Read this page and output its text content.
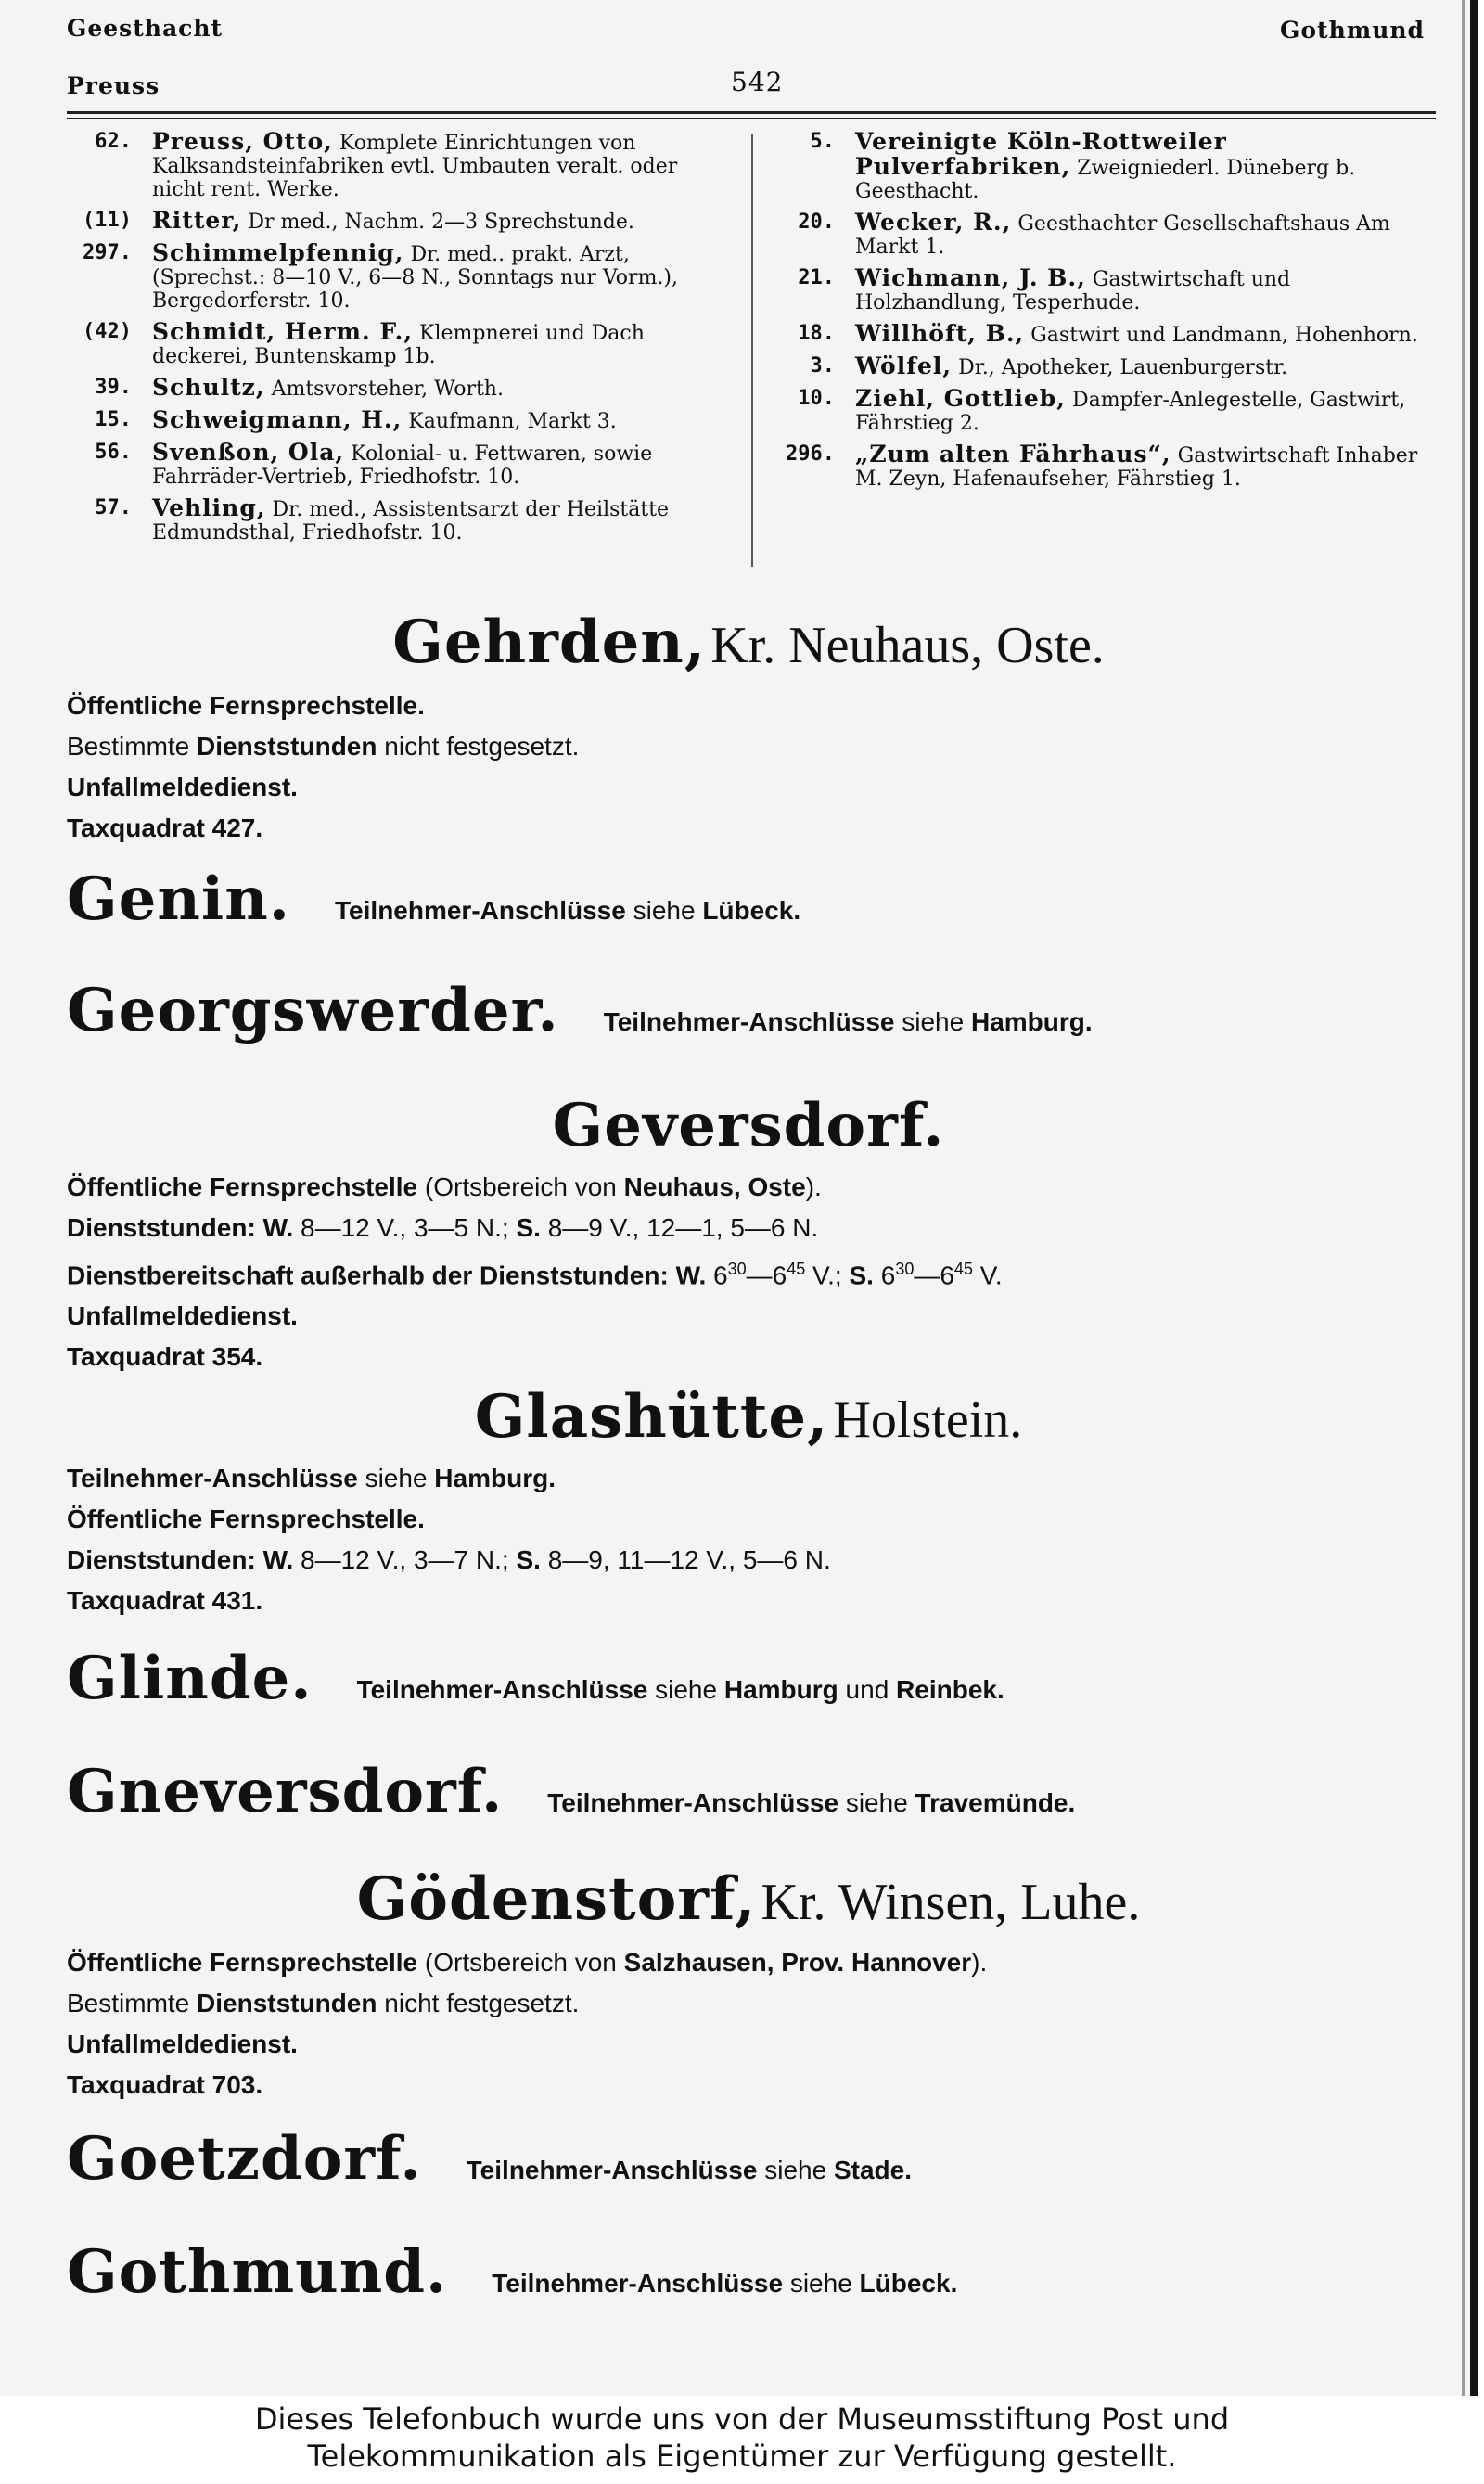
Geesthacht
Preuss	542
Gothmund
62. Preuss, Otto, Komplete Einrichtungen von Kalksandsteinfabriken evtl. Umbauten veralt. oder nicht rent. Werke.
(11) Ritter, Dr med., Nachm. 2—3 Sprechstunde.
297. Schimmelpfennig, Dr. med.. prakt. Arzt, (Sprechst.: 8—10 V., 6—8 N., Sonntags nur Vorm.), Bergedorferstr. 10.
(42) Schmidt, Herm. F., Klempnerei und Dach deckerei, Buntenskamp 1b.
39. Schultz, Amtsvorsteher, Worth.
15. Schweigmann, H., Kaufmann, Markt 3.
56. Svenßon, Ola, Kolonial- u. Fettwaren, sowie Fahrräder-Vertrieb, Friedhofstr. 10.
57. Vehling, Dr. med., Assistentsarzt der Heilstätte Edmundsthal, Friedhofstr. 10.
5. Vereinigte Köln-Rottweiler Pulverfabriken, Zweigniederl. Düneberg b. Geesthacht.
20. Wecker, R., Geesthachter Gesellschaftshaus Am Markt 1.
21. Wichmann, J. B., Gastwirtschaft und Holzhandlung, Tesperhude.
18. Willhöft, B., Gastwirt und Landmann, Hohenhorn.
3. Wölfel, Dr., Apotheker, Lauenburgerstr.
10. Ziehl, Gottlieb, Dampfer-Anlegestelle, Gastwirt, Fährstieg 2.
296. „Zum alten Fährhaus“, Gastwirtschaft Inhaber M. Zeyn, Hafenaufseher, Fährstieg 1.
Gehrden, Kr. Neuhaus, Oste.
Öffentliche Fernsprechstelle.
Bestimmte Dienststunden nicht festgesetzt.
Unfallmeldedienst.
Taxquadrat 427.
Genin. Teilnehmer-Anschlüsse siehe Lübeck.
Georgswerder. Teilnehmer-Anschlüsse siehe Hamburg.
Geversdorf.
Öffentliche Fernsprechstelle (Ortsbereich von Neuhaus, Oste).
Dienststunden: W. 8—12 V., 3—5 N.; S. 8—9 V., 12—1, 5—6 N.
Dienstbereitschaft außerhalb der Dienststunden: W. $6^{30}—6^{45}$ V.; S. $6^{30}—6^{45}$ V.
Unfallmeldedienst.
Taxquadrat 354.
Glashütte, Holstein.
Teilnehmer-Anschlüsse siehe Hamburg.
Öffentliche Fernsprechstelle.
Dienststunden: W. 8—12 V., 3—7 N.; S. 8—9, 11—12 V., 5—6 N.
Taxquadrat 431.
Glinde. Teilnehmer-Anschlüsse siehe Hamburg und Reinbek.
Gneversdorf. Teilnehmer-Anschlüsse siehe Travemünde.
Gödenstorf, Kr. Winsen, Luhe.
Öffentliche Fernsprechstelle (Ortsbereich von Salzhausen, Prov. Hannover).
Bestimmte Dienststunden nicht festgesetzt.
Unfallmeldedienst.
Taxquadrat 703.
Goetzdorf. Teilnehmer-Anschlüsse siehe Stade.
Gothmund. Teilnehmer-Anschlüsse siehe Lübeck.
Dieses Telefonbuch wurde uns von der Museumsstiftung Post und
Telekommunikation als Eigentümer zur Verfügung gestellt.
